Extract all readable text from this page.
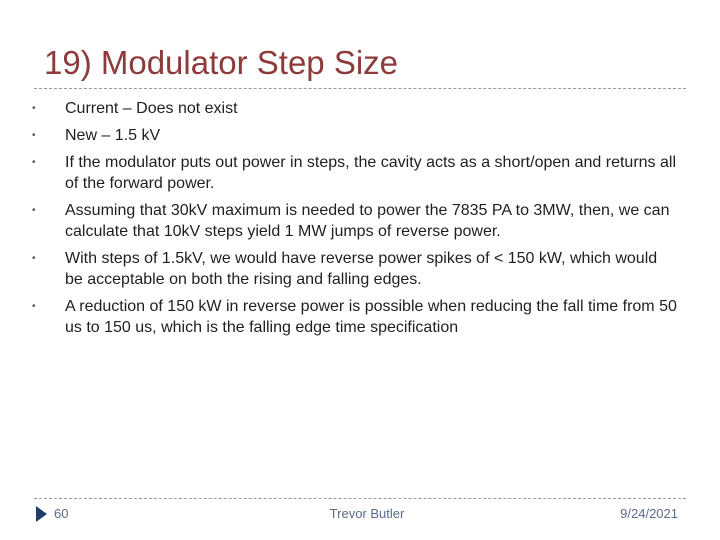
19) Modulator Step Size
• Current – Does not exist
• New – 1.5 kV
• If the modulator puts out power in steps, the cavity acts as a short/open and returns all of the forward power.
• Assuming that 30kV maximum is needed to power the 7835 PA to 3MW, then, we can calculate that 10kV steps yield 1 MW jumps of reverse power.
• With steps of 1.5kV, we would have reverse power spikes of < 150 kW, which would be acceptable on both the rising and falling edges.
• A reduction of 150 kW in reverse power is possible when reducing the fall time from 50 us to 150 us, which is the falling edge time specification
60	Trevor Butler	9/24/2021
